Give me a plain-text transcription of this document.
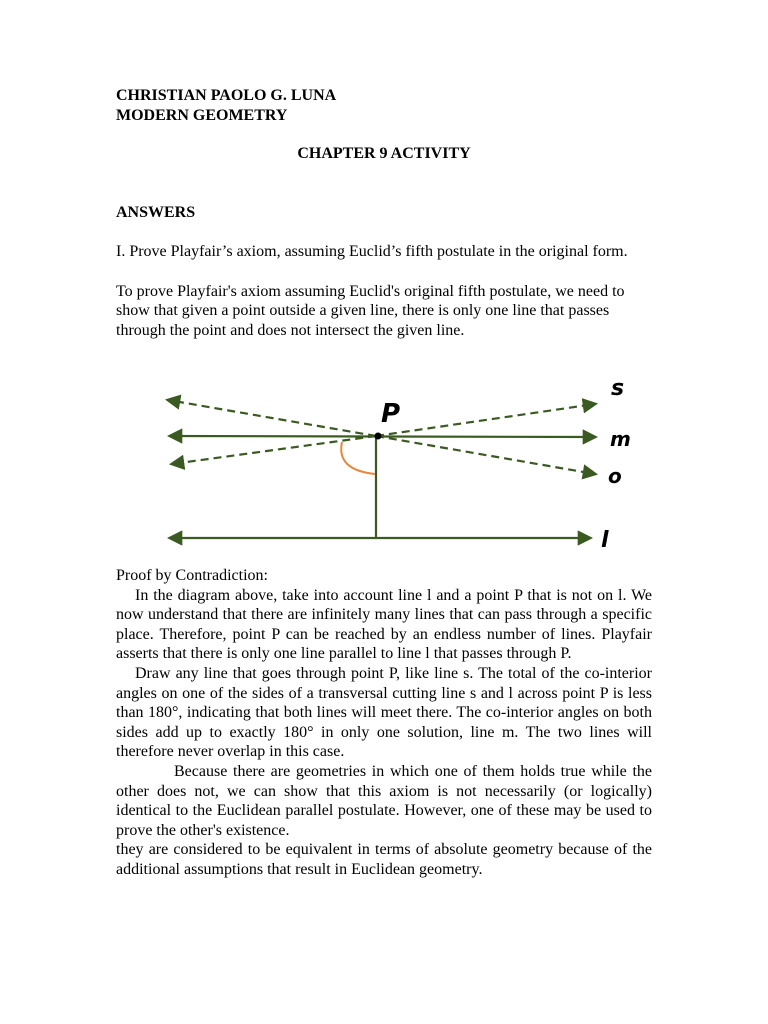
CHRISTIAN PAOLO G. LUNA
MODERN GEOMETRY
CHAPTER 9 ACTIVITY
ANSWERS
I. Prove Playfair’s axiom, assuming Euclid’s fifth postulate in the original form.
To prove Playfair's axiom assuming Euclid's original fifth postulate, we need to show that given a point outside a given line, there is only one line that passes through the point and does not intersect the given line.
P
s
m
o
l
Proof by Contradiction:
In the diagram above, take into account line l and a point P that is not on l. We now understand that there are infinitely many lines that can pass through a specific place. Therefore, point P can be reached by an endless number of lines. Playfair asserts that there is only one line parallel to line l that passes through P.
Draw any line that goes through point P, like line s. The total of the co-interior angles on one of the sides of a transversal cutting line s and l across point P is less than 180°, indicating that both lines will meet there. The co-interior angles on both sides add up to exactly 180° in only one solution, line m. The two lines will therefore never overlap in this case.
Because there are geometries in which one of them holds true while the other does not, we can show that this axiom is not necessarily (or logically) identical to the Euclidean parallel postulate. However, one of these may be used to prove the other's existence.
they are considered to be equivalent in terms of absolute geometry because of the additional assumptions that result in Euclidean geometry.
